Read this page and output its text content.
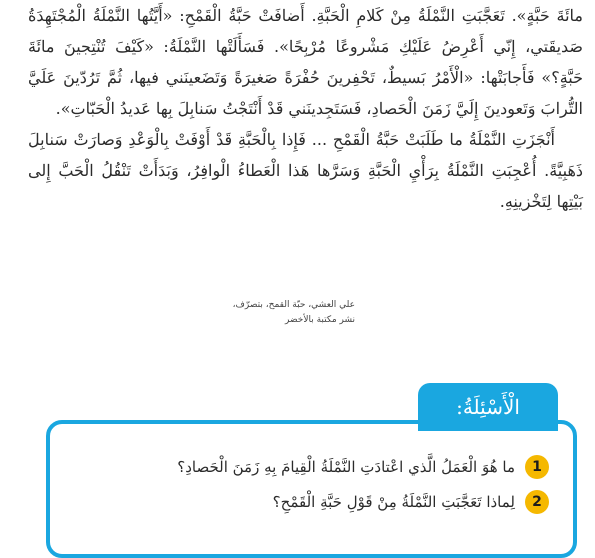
مائَةَ حَبَّةٍ». تَعَجَّبَتِ النَّمْلَةُ مِنْ كَلامِ الْحَبَّةِ. أَضافَتْ حَبَّةُ الْقَمْحِ: «أَيَّتُها النَّمْلَةُ الْمُجْتَهِدَةُ صَديقَتي، إِنّي أَعْرِضُ عَلَيْكِ مَشْروعًا مُرْبِحًا». فَسَأَلَتْها النَّمْلَةُ: «كَيْفَ تُنْتِجينَ مائَةَ حَبَّةٍ؟» فَأَجابَتْها: «الْأَمْرُ بَسيطٌ، تَحْفِرينَ حُفْرَةً صَغيرَةً وَتَضَعينَني فيها، ثُمَّ تَرُدّينَ عَلَيَّ التُّرابَ وَتَعودينَ إِلَيَّ زَمَنَ الْحَصادِ، فَسَتَجِدينَني قَدْ أَنْتَجْتُ سَنابِلَ بِها عَديدُ الْحَبّاتِ».

أَنْجَزَتِ النَّمْلَةُ ما طَلَبَتْ حَبَّةُ الْقَمْحِ ... فَإِذا بِالْحَبَّةِ قَدْ أَوْفَتْ بِالْوَعْدِ وَصارَتْ سَنابِلَ ذَهَبِيَّةً. أُعْجِبَتِ النَّمْلَةُ بِرَأْيِ الْحَبَّةِ وَسَرَّها هَذا الْعَطاءُ الْوافِرُ، وَبَدَأَتْ تَنْقُلُ الْحَبَّ إِلى بَيْتِها لِتَخْزينِهِ.

علي العشي، حبّة القمح، بتصرّف،
نشر مكتبة بالأخضر
الْأَسْئِلَةُ:
1
ما هُوَ الْعَمَلُ الَّذي اعْتادَتِ النَّمْلَةُ الْقِيامَ بِهِ زَمَنَ الْحَصادِ؟
2
لِماذا تَعَجَّبَتِ النَّمْلَةُ مِنْ قَوْلِ حَبَّةِ الْقَمْحِ؟
